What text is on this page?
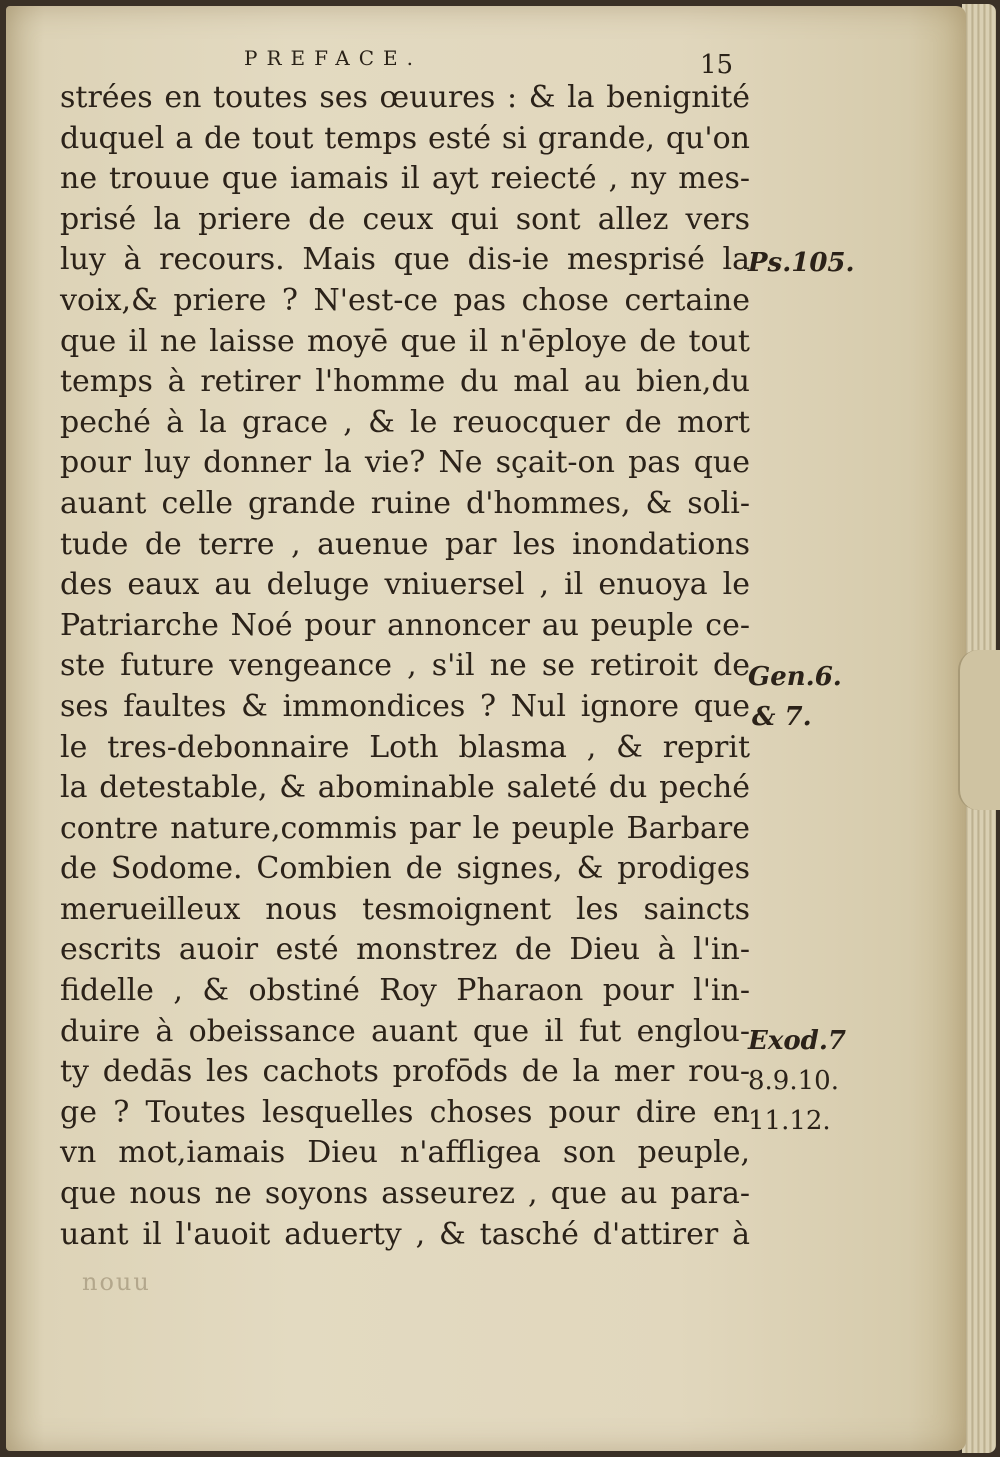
PREFACE.	15
strées en toutes ses œuures : & la benignité
duquel a de tout temps esté si grande, qu'on
ne trouue que iamais il ayt reiecté , ny mes-
prisé la priere de ceux qui sont allez vers
luy à recours. Mais que dis-ie mesprisé la
voix,& priere ? N'est-ce pas chose certaine
que il ne laisse moyē que il n'ēploye de tout
temps à retirer l'homme du mal au bien,du
peché à la grace , & le reuocquer de mort
pour luy donner la vie? Ne sçait-on pas que
auant celle grande ruine d'hommes, & soli-
tude de terre , auenue par les inondations
des eaux au deluge vniuersel , il enuoya le
Patriarche Noé pour annoncer au peuple ce-
ste future vengeance , s'il ne se retiroit de
ses faultes & immondices ? Nul ignore que
le tres-debonnaire Loth blasma , & reprit
la detestable, & abominable saleté du peché
contre nature,commis par le peuple Barbare
de Sodome. Combien de signes, & prodiges
merueilleux nous tesmoignent les saincts
escrits auoir esté monstrez de Dieu à l'in-
fidelle , & obstiné Roy Pharaon pour l'in-
duire à obeissance auant que il fut englou-
ty dedās les cachots profōds de la mer rou-
ge ? Toutes lesquelles choses pour dire en
vn mot,iamais Dieu n'affligea son peuple,
que nous ne soyons asseurez , que au para-
uant il l'auoit aduerty , & tasché d'attirer à
Ps.105.
Gen.6.
& 7.
Exod.7
8.9.10.
11.12.
nouu
